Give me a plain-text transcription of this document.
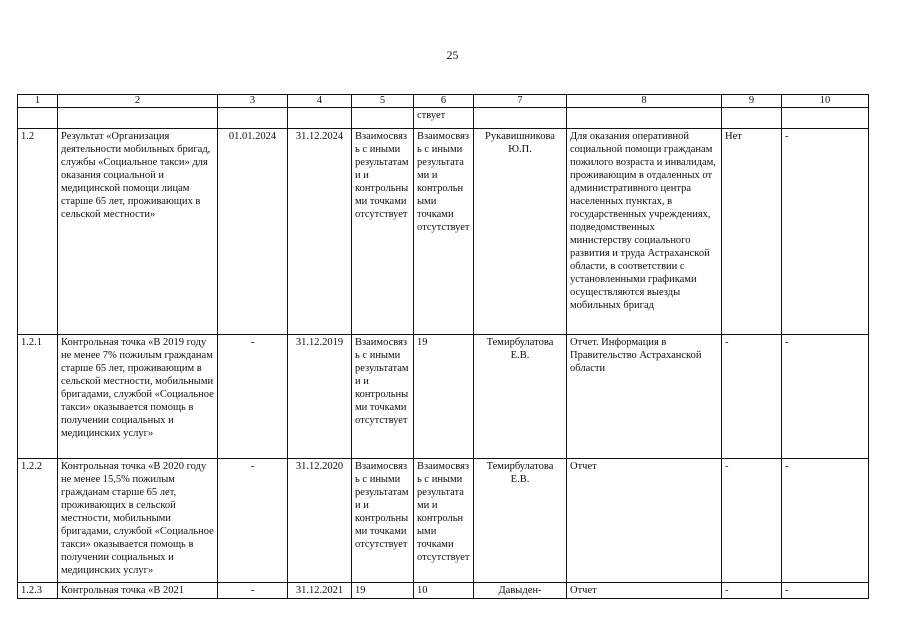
25
1	2	3	4	5	6	7	8	9	10
					ствует				
1.2	Результат «Организация деятельности мобильных бригад, службы «Социальное такси» для оказания социальной и медицинской помощи лицам старше 65 лет, проживающих в сельской местности»	01.01.2024	31.12.2024	Взаимосвязь с иными результатами и контрольными точками отсутствует	Взаимосвязь с иными результатами и контрольными точками отсутствует	Рукавишникова Ю.П.	Для оказания оперативной социальной помощи гражданам пожилого возраста и инвалидам, проживающим в отдаленных от административного центра населенных пунктах, в государственных учреждениях, подведомственных министерству социального развития и труда Астраханской области, в соответствии с установленными графиками осуществляются выезды мобильных бригад	Нет	-
1.2.1	Контрольная точка «В 2019 году не менее 7% пожилым гражданам старше 65 лет, проживающим в сельской местности, мобильными бригадами, службой «Социальное такси» оказывается помощь в получении социальных и медицинских услуг»	-	31.12.2019	Взаимосвязь с иными результатами и контрольными точками отсутствует	19	Темирбулатова Е.В.	Отчет. Информация в Правительство Астраханской области	-	-
1.2.2	Контрольная точка «В 2020 году не менее 15,5% пожилым гражданам старше 65 лет, проживающих в сельской местности, мобильными бригадами, службой «Социальное такси» оказывается помощь в получении социальных и медицинских услуг»	-	31.12.2020	Взаимосвязь с иными результатами и контрольными точками отсутствует	Взаимосвязь с иными результатами и контрольными точками отсутствует	Темирбулатова Е.В.	Отчет	-	-
1.2.3	Контрольная точка «В 2021	-	31.12.2021	19	10	Давыден-	Отчет	-	-
